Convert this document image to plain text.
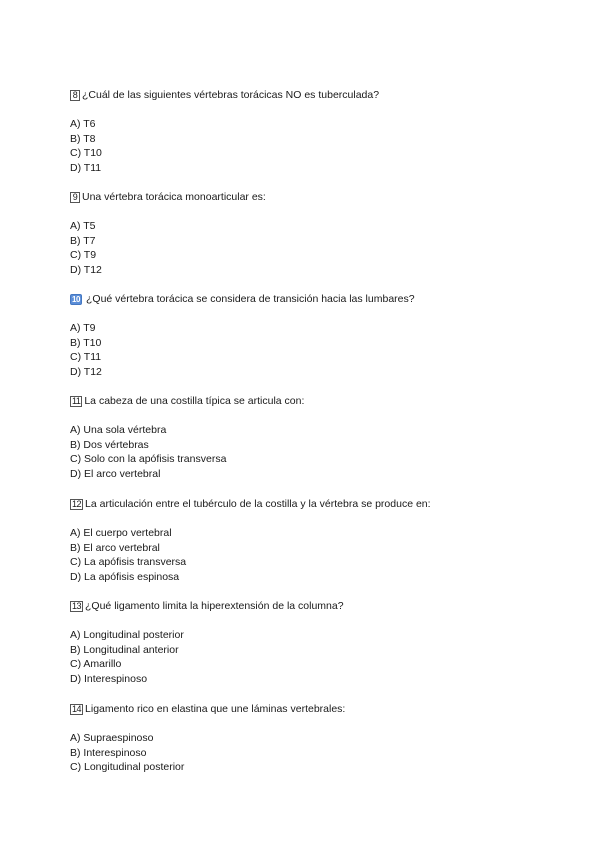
8 ¿Cuál de las siguientes vértebras torácicas NO es tuberculada?
A) T6
B) T8
C) T10
D) T11
9 Una vértebra torácica monoarticular es:
A) T5
B) T7
C) T9
D) T12
10 ¿Qué vértebra torácica se considera de transición hacia las lumbares?
A) T9
B) T10
C) T11
D) T12
11 La cabeza de una costilla típica se articula con:
A) Una sola vértebra
B) Dos vértebras
C) Solo con la apófisis transversa
D) El arco vertebral
12 La articulación entre el tubérculo de la costilla y la vértebra se produce en:
A) El cuerpo vertebral
B) El arco vertebral
C) La apófisis transversa
D) La apófisis espinosa
13 ¿Qué ligamento limita la hiperextensión de la columna?
A) Longitudinal posterior
B) Longitudinal anterior
C) Amarillo
D) Interespinoso
14 Ligamento rico en elastina que une láminas vertebrales:
A) Supraespinoso
B) Interespinoso
C) Longitudinal posterior
